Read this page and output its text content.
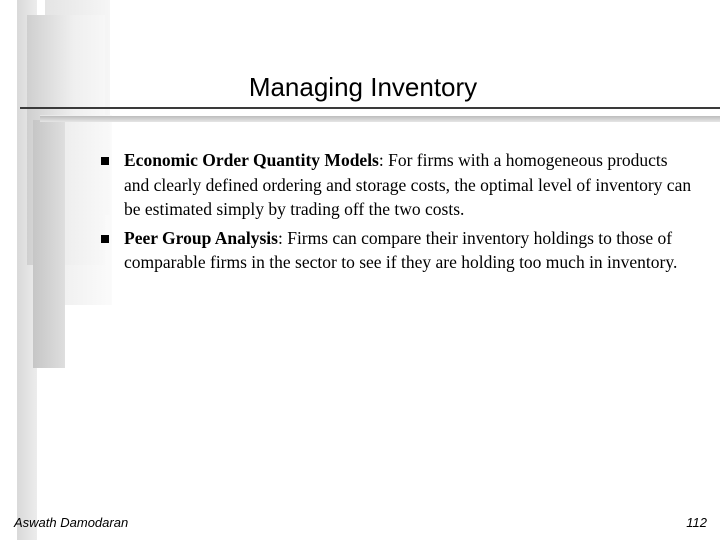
Managing Inventory
Economic Order Quantity Models: For firms with a homogeneous products and clearly defined ordering and storage costs, the optimal level of inventory can be estimated simply by trading off the two costs.
Peer Group Analysis: Firms can compare their inventory holdings to those of comparable firms in the sector to see if they are holding too much in inventory.
Aswath Damodaran	112
